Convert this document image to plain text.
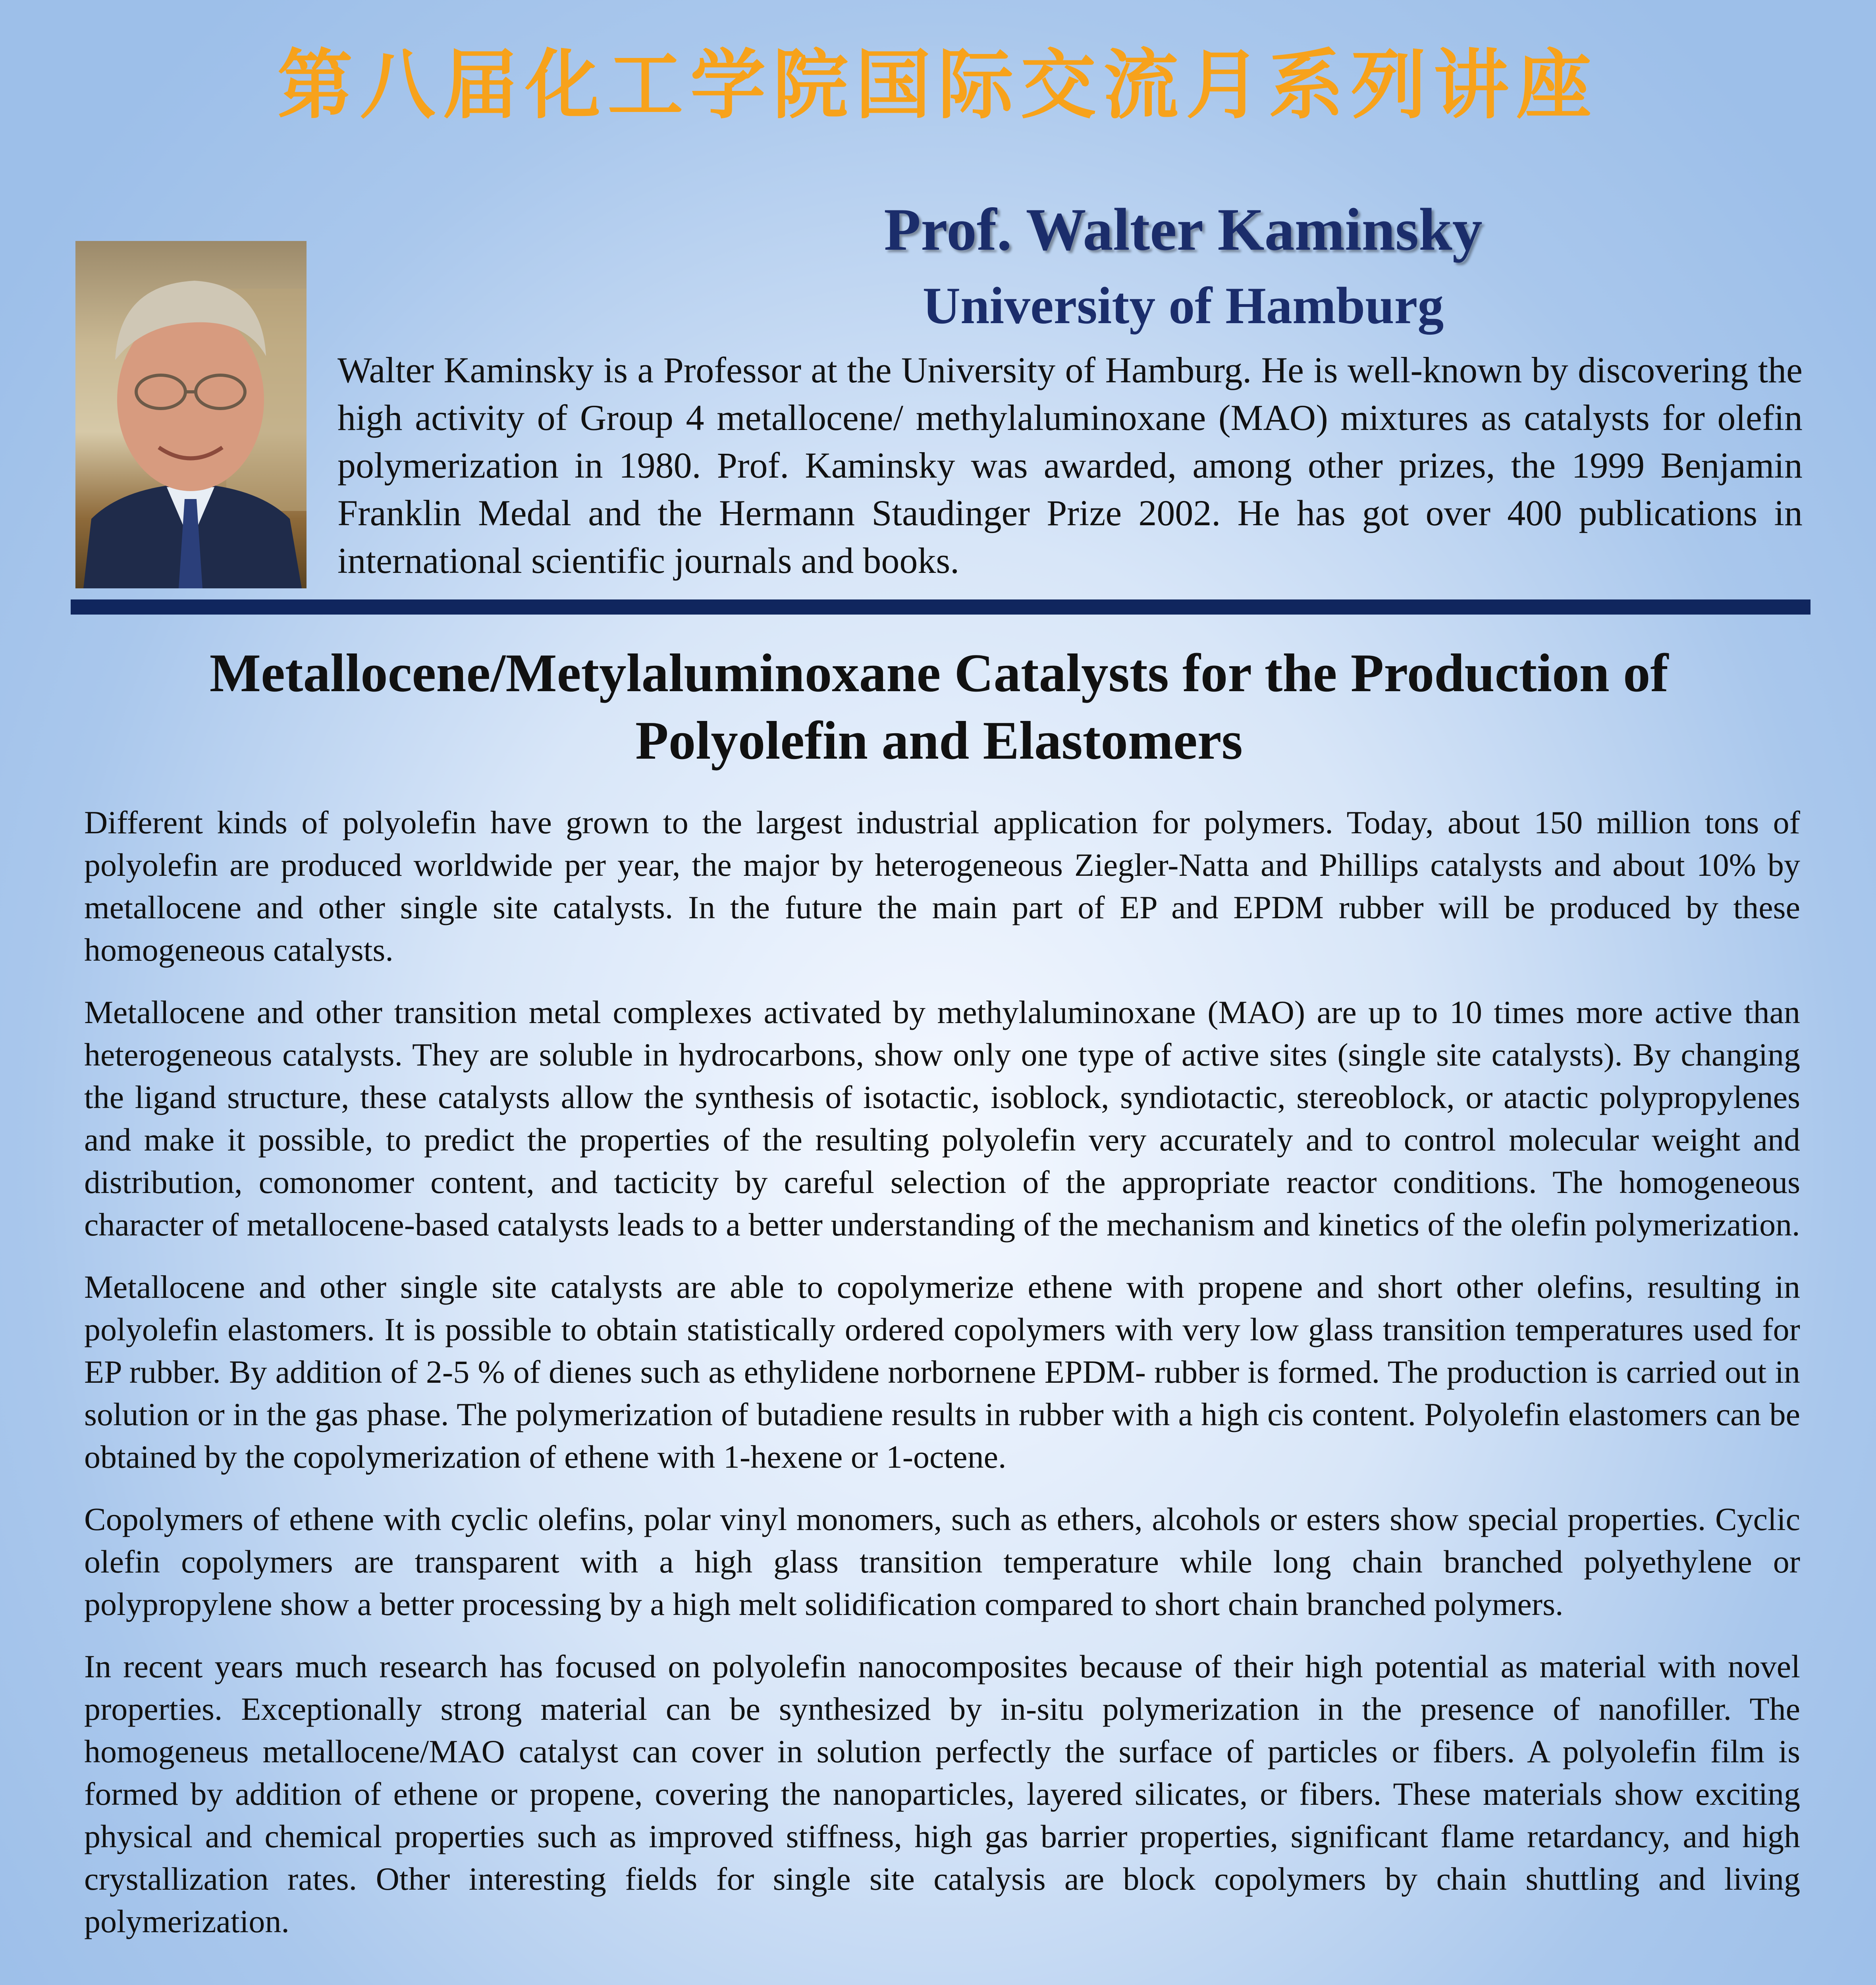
第八届化工学院国际交流月系列讲座
Prof. Walter Kaminsky
University of Hamburg
Walter Kaminsky is a Professor at the University of Hamburg. He is well-known by discovering the high activity of Group 4 metallocene/ methylaluminoxane (MAO) mixtures as catalysts for olefin polymerization in 1980. Prof. Kaminsky was awarded, among other prizes, the 1999 Benjamin Franklin Medal and the Hermann Staudinger Prize 2002. He has got over 400 publications in international scientific journals and books.
Metallocene/Metylaluminoxane Catalysts for the Production of
Polyolefin and Elastomers

Different kinds of polyolefin have grown to the largest industrial application for polymers. Today, about 150 million tons of polyolefin are produced worldwide per year, the major by heterogeneous Ziegler-Natta and Phillips catalysts and about 10% by metallocene and other single site catalysts. In the future the main part of EP and EPDM rubber will be produced by these homogeneous catalysts.

Metallocene and other transition metal complexes activated by methylaluminoxane (MAO) are up to 10 times more active than heterogeneous catalysts. They are soluble in hydrocarbons, show only one type of active sites (single site catalysts). By changing the ligand structure, these catalysts allow the synthesis of isotactic, isoblock, syndiotactic, stereoblock, or atactic polypropylenes and make it possible, to predict the properties of the resulting polyolefin very accurately and to control molecular weight and distribution, comonomer content, and tacticity by careful selection of the appropriate reactor conditions. The homogeneous character of metallocene-based catalysts leads to a better understanding of the mechanism and kinetics of the olefin polymerization.

Metallocene and other single site catalysts are able to copolymerize ethene with propene and short other olefins, resulting in polyolefin elastomers. It is possible to obtain statistically ordered copolymers with very low glass transition temperatures used for EP rubber. By addition of 2-5 % of dienes such as ethylidene norbornene EPDM- rubber is formed. The production is carried out in solution or in the gas phase. The polymerization of butadiene results in rubber with a high cis content. Polyolefin elastomers can be obtained by the copolymerization of ethene with 1-hexene or 1-octene.

Copolymers of ethene with cyclic olefins, polar vinyl monomers, such as ethers, alcohols or esters show special properties. Cyclic olefin copolymers are transparent with a high glass transition temperature while long chain branched polyethylene or polypropylene show a better processing by a high melt solidification compared to short chain branched polymers.

In recent years much research has focused on polyolefin nanocomposites because of their high potential as material with novel properties. Exceptionally strong material can be synthesized by in-situ polymerization in the presence of nanofiller. The homogeneus metallocene/MAO catalyst can cover in solution perfectly the surface of particles or fibers. A polyolefin film is formed by addition of ethene or propene, covering the nanoparticles, layered silicates, or fibers. These materials show exciting physical and chemical properties such as improved stiffness, high gas barrier properties, significant flame retardancy, and high crystallization rates. Other interesting fields for single site catalysis are block copolymers by chain shuttling and living polymerization.
